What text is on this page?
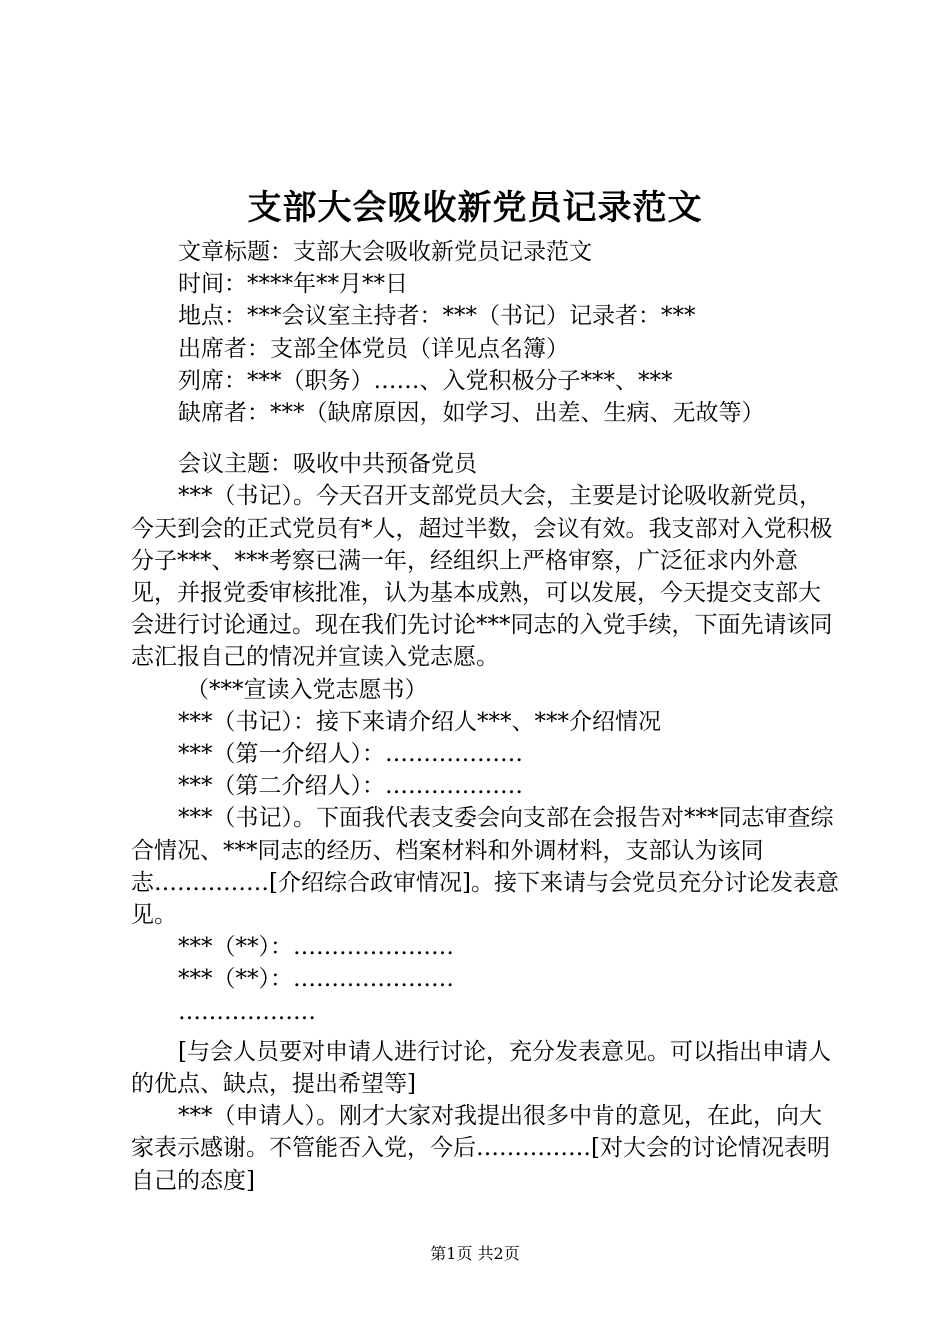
支部大会吸收新党员记录范文

文章标题：支部大会吸收新党员记录范文

时间：****年**月**日

地点：***会议室主持者：***（书记）记录者：***

出席者：支部全体党员（详见点名簿）

列席：***（职务）……、入党积极分子***、***

缺席者：***（缺席原因，如学习、出差、生病、无故等）

会议主题：吸收中共预备党员

***（书记）。今天召开支部党员大会，主要是讨论吸收新党员，今天到会的正式党员有*人，超过半数，会议有效。我支部对入党积极分子***、***考察已满一年，经组织上严格审察，广泛征求内外意见，并报党委审核批准，认为基本成熟，可以发展，今天提交支部大会进行讨论通过。现在我们先讨论***同志的入党手续，下面先请该同志汇报自己的情况并宣读入党志愿。

（***宣读入党志愿书）

***（书记）：接下来请介绍人***、***介绍情况

***（第一介绍人）：………………

***（第二介绍人）：………………

***（书记）。下面我代表支委会向支部在会报告对***同志审查综合情况、***同志的经历、档案材料和外调材料，支部认为该同志……………[介绍综合政审情况]。接下来请与会党员充分讨论发表意见。

***（**）：…………………

***（**）：…………………

………………

[与会人员要对申请人进行讨论，充分发表意见。可以指出申请人的优点、缺点，提出希望等]

***（申请人）。刚才大家对我提出很多中肯的意见，在此，向大家表示感谢。不管能否入党，今后……………[对大会的讨论情况表明自己的态度]

第1页 共2页
